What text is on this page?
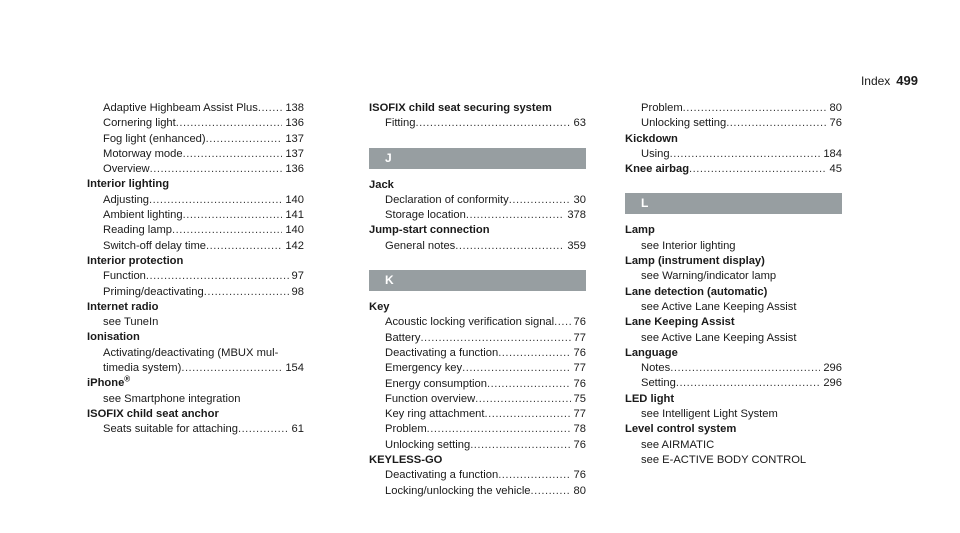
Index 499
Adaptive Highbeam Assist Plus ..... 138
Cornering light .....	136
Fog light (enhanced) .....	137
Motorway mode .....	137
Overview .....	136
Interior lighting
Adjusting .....	140
Ambient lighting .....	141
Reading lamp .....	140
Switch-off delay time .....	142
Interior protection
Function .....	97
Priming/deactivating .....	98
Internet radio
see TuneIn
Ionisation
Activating/deactivating (MBUX mul-
timedia system) .....	154
iPhone®
see Smartphone integration
ISOFIX child seat anchor
Seats suitable for attaching .....	61
ISOFIX child seat securing system
Fitting .....	63
J
Jack
Declaration of conformity .....	30
Storage location .....	378
Jump-start connection
General notes .....	359
K
Key
Acoustic locking verification signal ..... 76
Battery .....	77
Deactivating a function .....	76
Emergency key .....	77
Energy consumption .....	76
Function overview .....	75
Key ring attachment .....	77
Problem .....	78
Unlocking setting .....	76
KEYLESS-GO
Deactivating a function .....	76
Locking/unlocking the vehicle .....	80
Problem .....	80
Unlocking setting .....	76
Kickdown
Using .....	184
Knee airbag .....	45
L
Lamp
see Interior lighting
Lamp (instrument display)
see Warning/indicator lamp
Lane detection (automatic)
see Active Lane Keeping Assist
Lane Keeping Assist
see Active Lane Keeping Assist
Language
Notes .....	296
Setting .....	296
LED light
see Intelligent Light System
Level control system
see AIRMATIC
see E-ACTIVE BODY CONTROL
